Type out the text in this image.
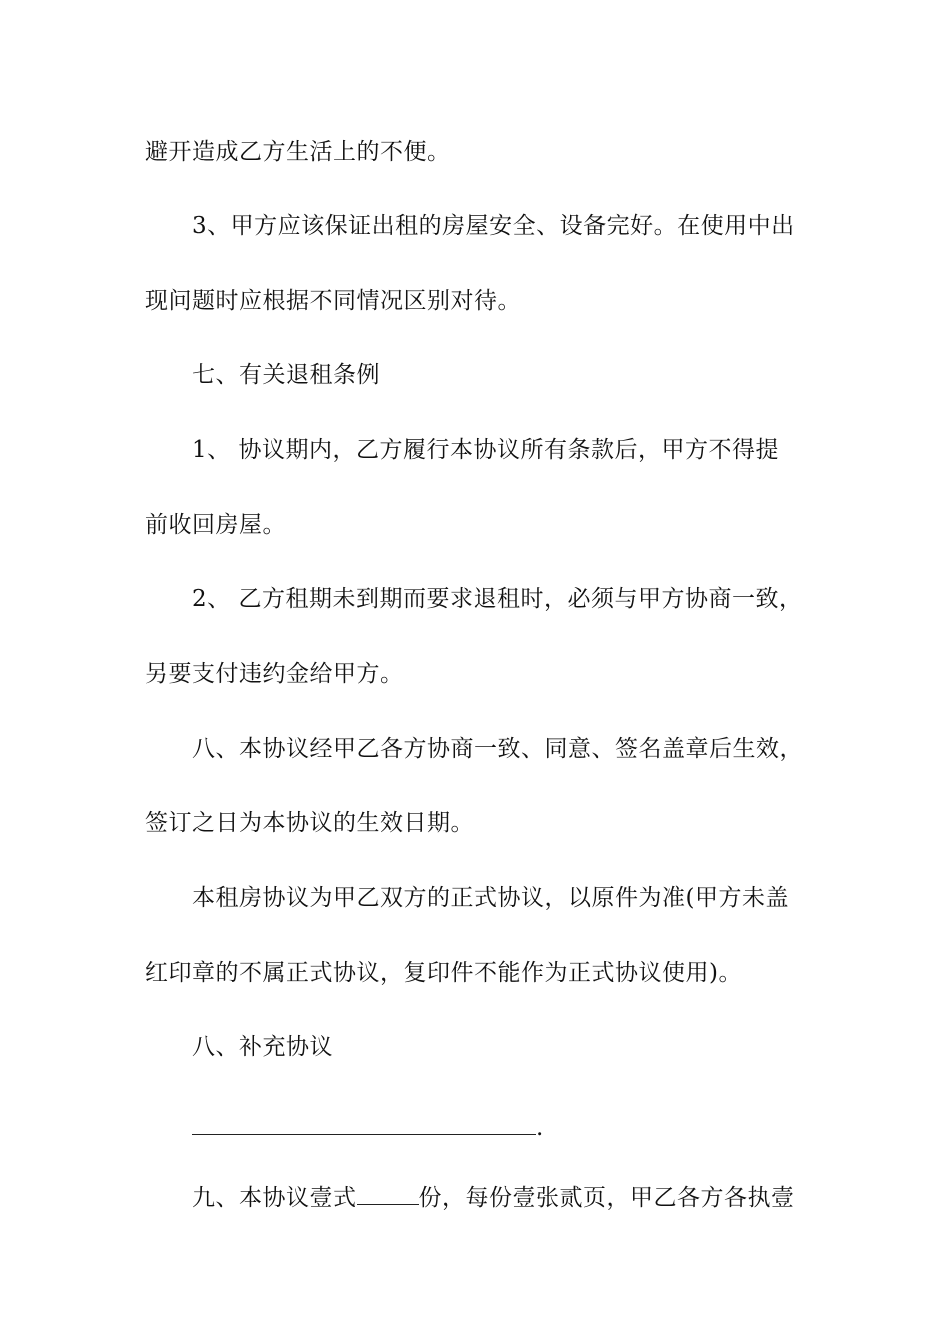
避开造成乙方生活上的不便。
3、甲方应该保证出租的房屋安全、设备完好。在使用中出
现问题时应根据不同情况区别对待。
七、有关退租条例
1、 协议期内，乙方履行本协议所有条款后，甲方不得提
前收回房屋。
2、 乙方租期未到期而要求退租时，必须与甲方协商一致，
另要支付违约金给甲方。
八、本协议经甲乙各方协商一致、同意、签名盖章后生效，
签订之日为本协议的生效日期。
本租房协议为甲乙双方的正式协议，以原件为准(甲方未盖
红印章的不属正式协议，复印件不能作为正式协议使用)。
八、补充协议
.
九、本协议壹式	份，每份壹张贰页，甲乙各方各执壹
